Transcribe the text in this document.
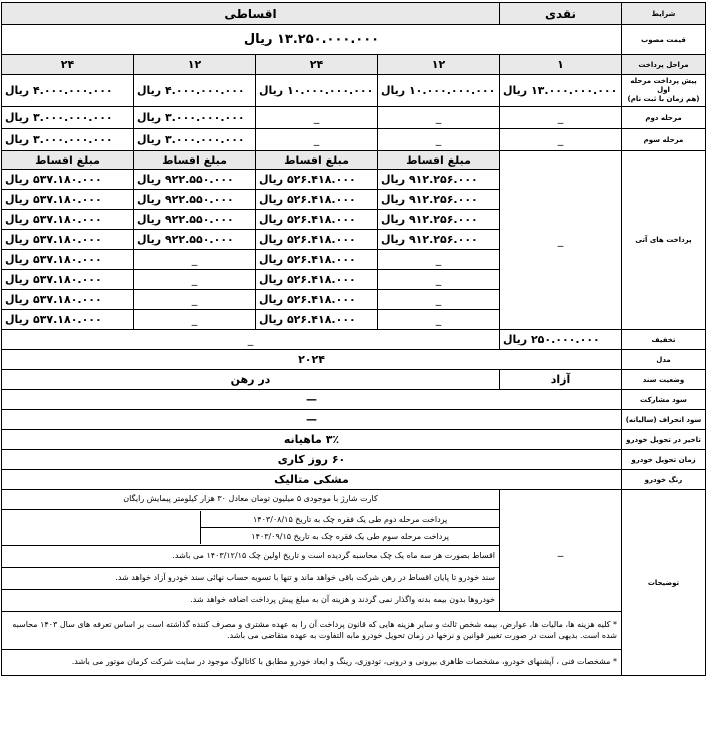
شرایط	نقدی	اقساطی
قیمت مصوب	۱۳.۲۵۰.۰۰۰.۰۰۰ ریال
مراحل پرداخت	۱	۱۲	۲۴	۱۲	۲۴
پیش پرداخت مرحله اول
(هم زمان با ثبت نام)	۱۳.۰۰۰.۰۰۰.۰۰۰ ریال	۱۰.۰۰۰.۰۰۰.۰۰۰ ریال	۱۰.۰۰۰.۰۰۰.۰۰۰ ریال	۴.۰۰۰.۰۰۰.۰۰۰ ریال	۴.۰۰۰.۰۰۰.۰۰۰ ریال
مرحله دوم	_	_	_	۳.۰۰۰.۰۰۰.۰۰۰ ریال	۳.۰۰۰.۰۰۰.۰۰۰ ریال
مرحله سوم	_	_	_	۳.۰۰۰.۰۰۰.۰۰۰ ریال	۳.۰۰۰.۰۰۰.۰۰۰ ریال
پرداخت های آتی	_	مبلغ اقساط	مبلغ اقساط	مبلغ اقساط	مبلغ اقساط
۹۱۲.۲۵۶.۰۰۰ ریال	۵۲۶.۴۱۸.۰۰۰ ریال	۹۲۲.۵۵۰.۰۰۰ ریال	۵۳۷.۱۸۰.۰۰۰ ریال
۹۱۲.۲۵۶.۰۰۰ ریال	۵۲۶.۴۱۸.۰۰۰ ریال	۹۲۲.۵۵۰.۰۰۰ ریال	۵۳۷.۱۸۰.۰۰۰ ریال
۹۱۲.۲۵۶.۰۰۰ ریال	۵۲۶.۴۱۸.۰۰۰ ریال	۹۲۲.۵۵۰.۰۰۰ ریال	۵۳۷.۱۸۰.۰۰۰ ریال
۹۱۲.۲۵۶.۰۰۰ ریال	۵۲۶.۴۱۸.۰۰۰ ریال	۹۲۲.۵۵۰.۰۰۰ ریال	۵۳۷.۱۸۰.۰۰۰ ریال
_	۵۲۶.۴۱۸.۰۰۰ ریال	_	۵۳۷.۱۸۰.۰۰۰ ریال
_	۵۲۶.۴۱۸.۰۰۰ ریال	_	۵۳۷.۱۸۰.۰۰۰ ریال
_	۵۲۶.۴۱۸.۰۰۰ ریال	_	۵۳۷.۱۸۰.۰۰۰ ریال
_	۵۲۶.۴۱۸.۰۰۰ ریال	_	۵۳۷.۱۸۰.۰۰۰ ریال
تخفیف	۲۵۰.۰۰۰.۰۰۰ ریال	_
مدل	۲۰۲۴
وضعیت سند	آزاد	در رهن
سود مشارکت	—
سود انحراف (سالیانه)	—
تاخیر در تحویل خودرو	۳٪ ماهیانه
زمان تحویل خودرو	۶۰ روز کاری
رنگ خودرو	مشکی متالیک
توضیحات	_	کارت شارژ با موجودی ۵ میلیون تومان معادل ۳۰ هزار کیلومتر پیمایش رایگان

پرداخت مرحله دوم طی یک فقره چک به تاریخ ۱۴۰۳/۰۸/۱۵	
پرداخت مرحله سوم طی یک فقره چک به تاریخ ۱۴۰۳/۰۹/۱۵

اقساط بصورت هر سه ماه یک چک محاسبه گردیده است و تاریخ اولین چک ۱۴۰۳/۱۲/۱۵ می باشد.
سند خودرو تا پایان اقساط در رهن شرکت باقی خواهد ماند و تنها با تسویه حساب نهائی سند خودرو آزاد خواهد شد.
خودروها بدون بیمه بدنه واگذار نمی گردند و هزینه آن به مبلغ پیش پرداخت اضافه خواهد شد.
* کلیه هزینه ها، مالیات ها، عوارض، بیمه شخص ثالث و سایر هزینه هایی که قانون پرداخت آن را به عهده مشتری و مصرف کننده گذاشته است بر اساس تعرفه های سال ۱۴۰۳ محاسبه شده است. بدیهی است در صورت تغییر قوانین و نرخها در زمان تحویل خودرو مابه التفاوت به عهده متقاضی می باشد.
* مشخصات فنی ، آپشنهای خودرو، مشخصات ظاهری بیرونی و درونی، تودوزی، رینگ و ابعاد خودرو مطابق با کاتالوگ موجود در سایت شرکت کرمان موتور می باشد.
